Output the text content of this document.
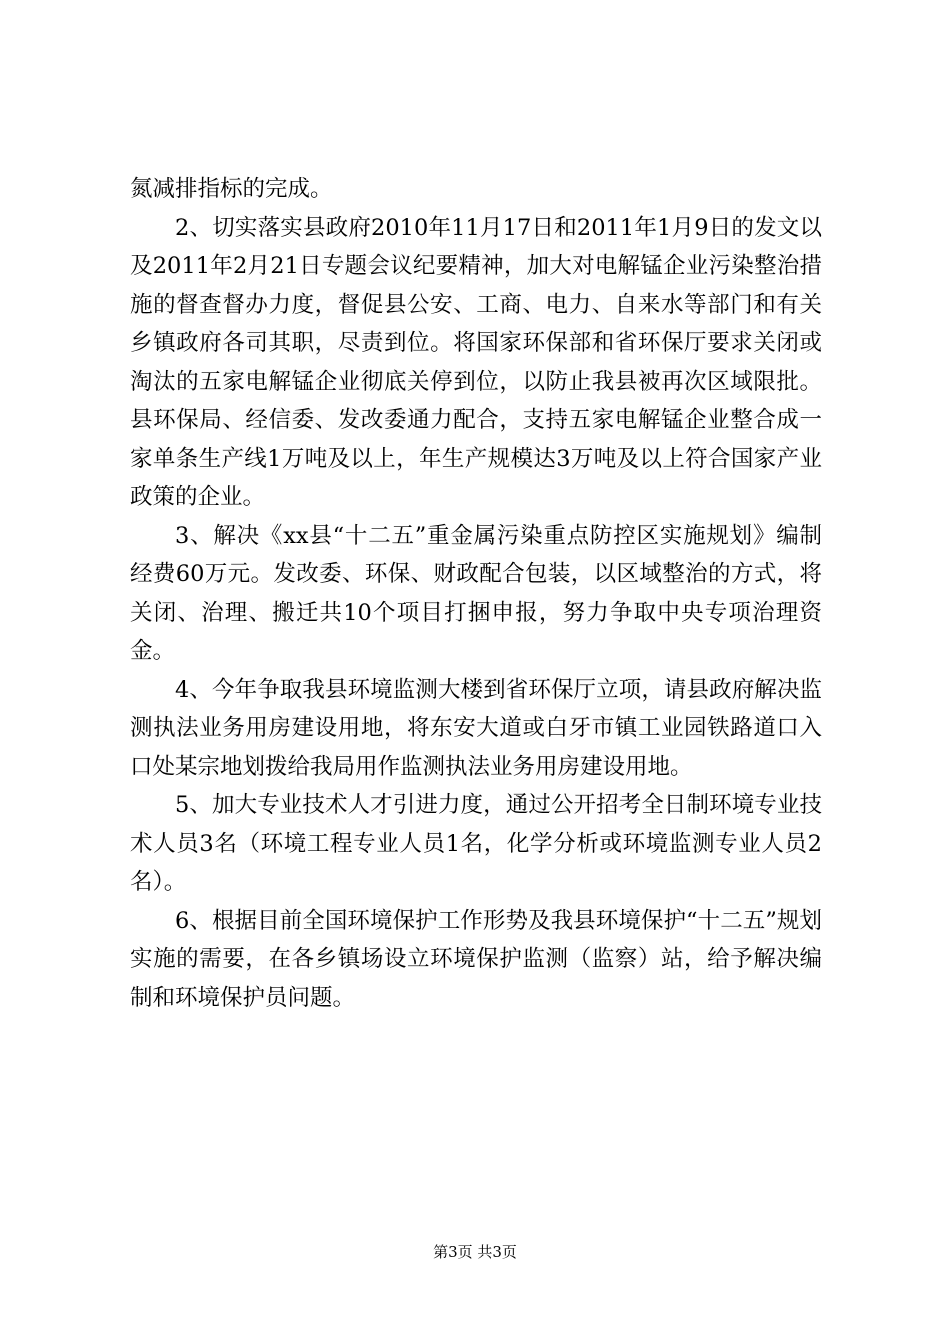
氮减排指标的完成。

2、切实落实县政府2010年11月17日和2011年1月9日的发文以及2011年2月21日专题会议纪要精神，加大对电解锰企业污染整治措施的督查督办力度，督促县公安、工商、电力、自来水等部门和有关乡镇政府各司其职，尽责到位。将国家环保部和省环保厅要求关闭或淘汰的五家电解锰企业彻底关停到位，以防止我县被再次区域限批。县环保局、经信委、发改委通力配合，支持五家电解锰企业整合成一家单条生产线1万吨及以上，年生产规模达3万吨及以上符合国家产业政策的企业。

3、解决《xx县“十二五”重金属污染重点防控区实施规划》编制经费60万元。发改委、环保、财政配合包装，以区域整治的方式，将关闭、治理、搬迁共10个项目打捆申报，努力争取中央专项治理资金。

4、今年争取我县环境监测大楼到省环保厅立项，请县政府解决监测执法业务用房建设用地，将东安大道或白牙市镇工业园铁路道口入口处某宗地划拨给我局用作监测执法业务用房建设用地。

5、加大专业技术人才引进力度，通过公开招考全日制环境专业技术人员3名（环境工程专业人员1名，化学分析或环境监测专业人员2名）。

6、根据目前全国环境保护工作形势及我县环境保护“十二五”规划实施的需要，在各乡镇场设立环境保护监测（监察）站，给予解决编制和环境保护员问题。

第3页 共3页
